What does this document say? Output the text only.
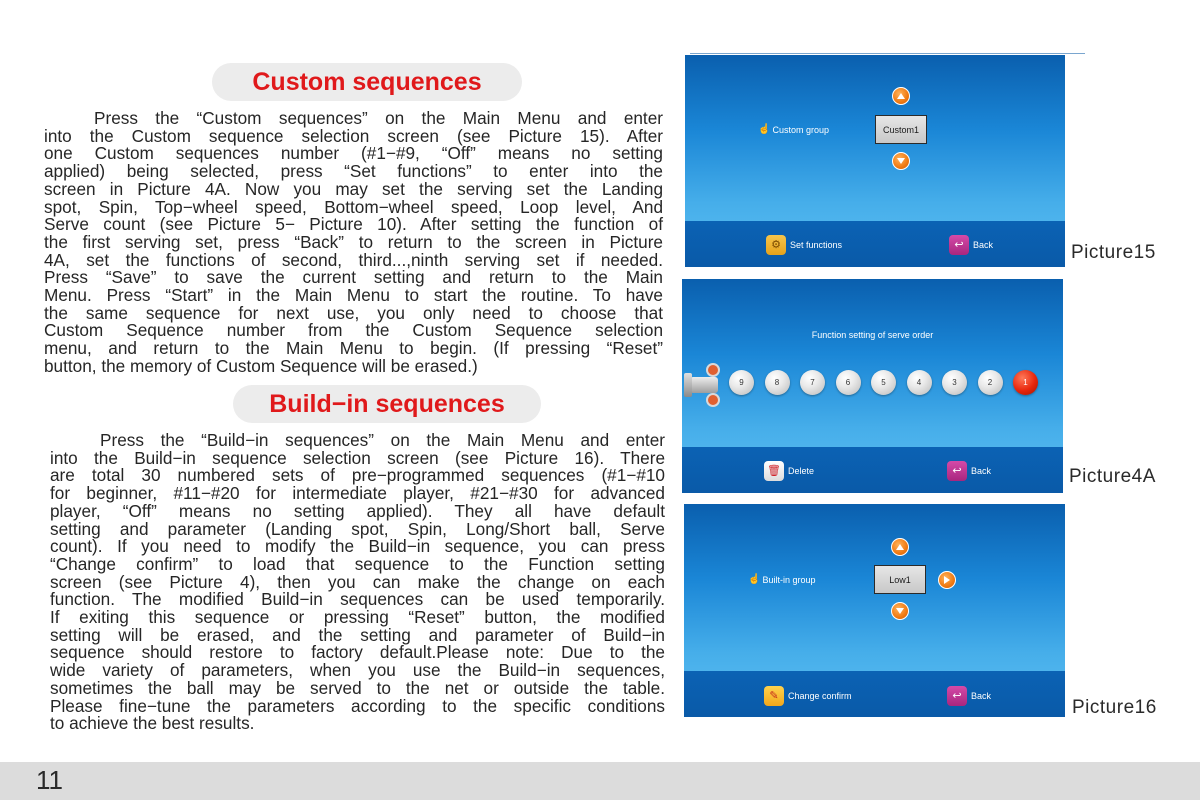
Custom sequences
Press the “Custom sequences” on the Main Menu and enter
into the Custom sequence selection screen (see Picture 15). After
one Custom sequences number (#1−#9, “Off” means no setting
applied) being selected, press “Set functions” to enter into the
screen in Picture 4A. Now you may set the serving set the Landing
spot, Spin, Top−wheel speed, Bottom−wheel speed, Loop level, And
Serve count (see Picture 5− Picture 10). After setting the function of
the first serving set, press “Back” to return to the screen in Picture
4A, set the functions of second, third...,ninth serving set if needed.
Press “Save” to save the current setting and return to the Main
Menu. Press “Start” in the Main Menu to start the routine. To have
the same sequence for next use, you only need to choose that
Custom Sequence number from the Custom Sequence selection
menu, and return to the Main Menu to begin. (If pressing “Reset”
button, the memory of Custom Sequence will be erased.)
Build−in sequences
Press the “Build−in sequences” on the Main Menu and enter
into the Build−in sequence selection screen (see Picture 16). There
are total 30 numbered sets of pre−programmed sequences (#1−#10
for beginner, #11−#20 for intermediate player, #21−#30 for advanced
player, “Off” means no setting applied). They all have default
setting and parameter (Landing spot, Spin, Long/Short ball, Serve
count). If you need to modify the Build−in sequence, you can press
“Change confirm” to load that sequence to the Function setting
screen (see Picture 4), then you can make the change on each
function. The modified Build−in sequences can be used temporarily.
If exiting this sequence or pressing “Reset” button, the modified
setting will be erased, and the setting and parameter of Build−in
sequence should restore to factory default.Please note: Due to the
wide variety of parameters, when you use the Build−in sequences,
sometimes the ball may be served to the net or outside the table.
Please fine−tune the parameters according to the specific conditions
to achieve the best results.
☝ Custom group	Custom1
⚙	Set functions	↩	Back	Picture15
Function setting of serve order
9	8	7	6	5	4	3	2	1
🗑 Delete	↩	Back	Picture4A
☝ Built-in group	Low1
✎	Change confirm	↩	Back
Picture16
11
